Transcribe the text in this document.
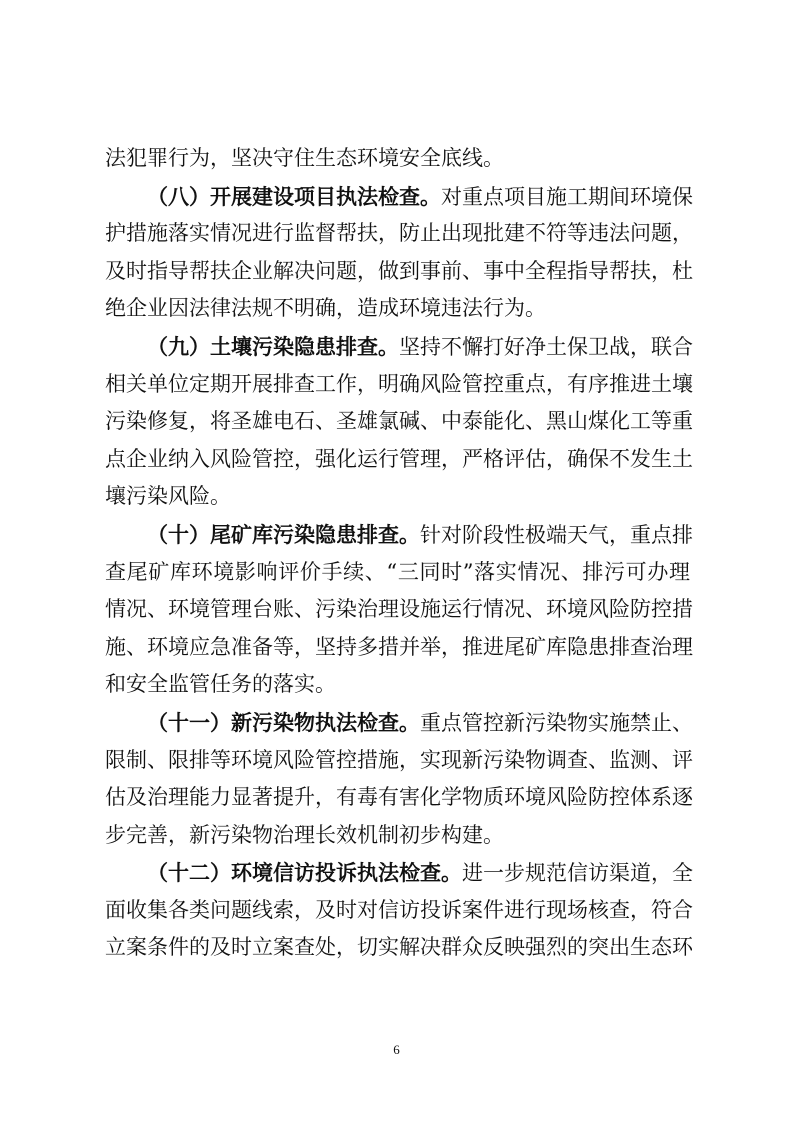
法犯罪行为，坚决守住生态环境安全底线。
（八）开展建设项目执法检查。对重点项目施工期间环境保
护措施落实情况进行监督帮扶，防止出现批建不符等违法问题，
及时指导帮扶企业解决问题，做到事前、事中全程指导帮扶，杜
绝企业因法律法规不明确，造成环境违法行为。
（九）土壤污染隐患排查。坚持不懈打好净土保卫战，联合
相关单位定期开展排查工作，明确风险管控重点，有序推进土壤
污染修复，将圣雄电石、圣雄氯碱、中泰能化、黑山煤化工等重
点企业纳入风险管控，强化运行管理，严格评估，确保不发生土
壤污染风险。
（十）尾矿库污染隐患排查。针对阶段性极端天气，重点排
查尾矿库环境影响评价手续、“三同时”落实情况、排污可办理
情况、环境管理台账、污染治理设施运行情况、环境风险防控措
施、环境应急准备等，坚持多措并举，推进尾矿库隐患排查治理
和安全监管任务的落实。
（十一）新污染物执法检查。重点管控新污染物实施禁止、
限制、限排等环境风险管控措施，实现新污染物调查、监测、评
估及治理能力显著提升，有毒有害化学物质环境风险防控体系逐
步完善，新污染物治理长效机制初步构建。
（十二）环境信访投诉执法检查。进一步规范信访渠道，全
面收集各类问题线索，及时对信访投诉案件进行现场核查，符合
立案条件的及时立案查处，切实解决群众反映强烈的突出生态环
6
